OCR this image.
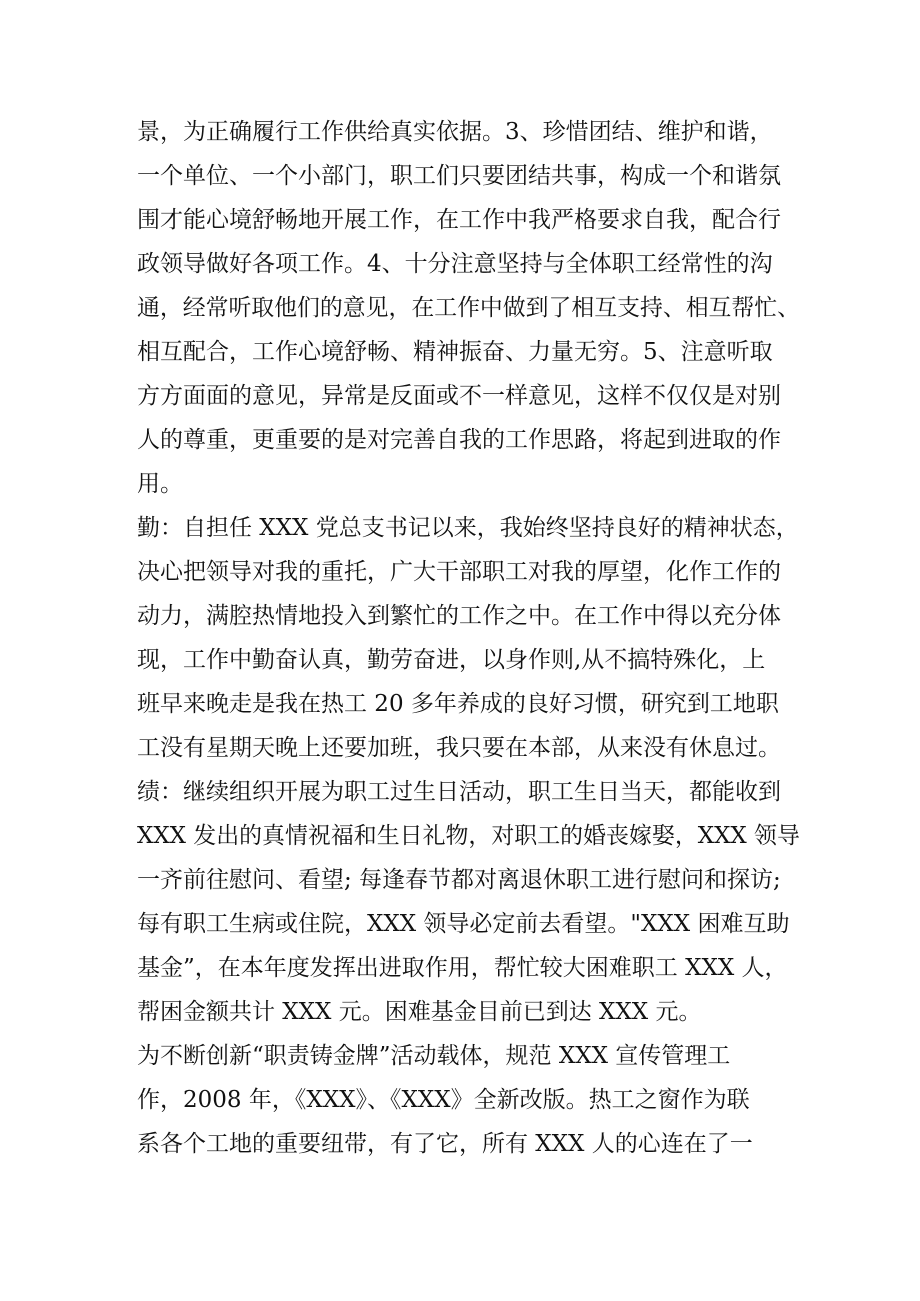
景，为正确履行工作供给真实依据。3、珍惜团结、维护和谐，

一个单位、一个小部门，职工们只要团结共事，构成一个和谐氛

围才能心境舒畅地开展工作，在工作中我严格要求自我，配合行

政领导做好各项工作。4、十分注意坚持与全体职工经常性的沟

通，经常听取他们的意见，在工作中做到了相互支持、相互帮忙、

相互配合，工作心境舒畅、精神振奋、力量无穷。5、注意听取

方方面面的意见，异常是反面或不一样意见，这样不仅仅是对别

人的尊重，更重要的是对完善自我的工作思路，将起到进取的作

用。

勤：自担任 XXX 党总支书记以来，我始终坚持良好的精神状态，

决心把领导对我的重托，广大干部职工对我的厚望，化作工作的

动力，满腔热情地投入到繁忙的工作之中。在工作中得以充分体

现，工作中勤奋认真，勤劳奋进，以身作则,从不搞特殊化，上

班早来晚走是我在热工 20 多年养成的良好习惯，研究到工地职

工没有星期天晚上还要加班，我只要在本部，从来没有休息过。

绩：继续组织开展为职工过生日活动，职工生日当天，都能收到

XXX 发出的真情祝福和生日礼物，对职工的婚丧嫁娶，XXX 领导

一齐前往慰问、看望; 每逢春节都对离退休职工进行慰问和探访;

每有职工生病或住院，XXX 领导必定前去看望。"XXX 困难互助

基金”，在本年度发挥出进取作用，帮忙较大困难职工 XXX 人，

帮困金额共计 XXX 元。困难基金目前已到达 XXX 元。

为不断创新“职责铸金牌”活动载体，规范 XXX 宣传管理工

作，2008 年，《XXX》、《XXX》全新改版。热工之窗作为联

系各个工地的重要纽带，有了它，所有 XXX 人的心连在了一
